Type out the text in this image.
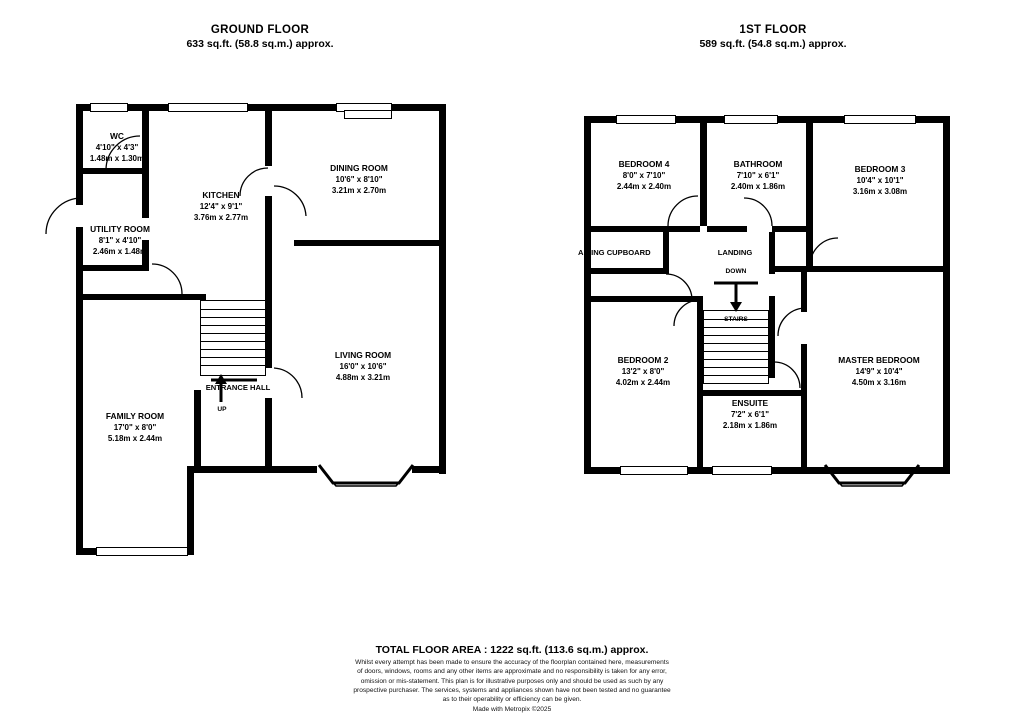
GROUND FLOOR
633 sq.ft. (58.8 sq.m.) approx.
UP
WC
4'10" x 4'3"
1.48m x 1.30m
KITCHEN
12'4" x 9'1"
3.76m x 2.77m
DINING ROOM
10'6" x 8'10"
3.21m x 2.70m
UTILITY ROOM
8'1" x 4'10"
2.46m x 1.48m
LIVING ROOM
16'0" x 10'6"
4.88m x 3.21m
FAMILY ROOM
17'0" x 8'0"
5.18m x 2.44m
ENTRANCE HALL
1ST FLOOR
589 sq.ft. (54.8 sq.m.) approx.
BEDROOM 4
8'0" x 7'10"
2.44m x 2.40m
BATHROOM
7'10" x 6'1"
2.40m x 1.86m
BEDROOM 3
10'4" x 10'1"
3.16m x 3.08m
BEDROOM 2
13'2" x 8'0"
4.02m x 2.44m
MASTER BEDROOM
14'9" x 10'4"
4.50m x 3.16m
ENSUITE
7'2" x 6'1"
2.18m x 1.86m
AIRING CUPBOARD	LANDING
DOWN
STAIRS
TOTAL FLOOR AREA : 1222 sq.ft. (113.6 sq.m.) approx.
Whilst every attempt has been made to ensure the accuracy of the floorplan contained here, measurements
of doors, windows, rooms and any other items are approximate and no responsibility is taken for any error,
omission or mis-statement. This plan is for illustrative purposes only and should be used as such by any
prospective purchaser. The services, systems and appliances shown have not been tested and no guarantee
as to their operability or efficiency can be given.
Made with Metropix ©2025
